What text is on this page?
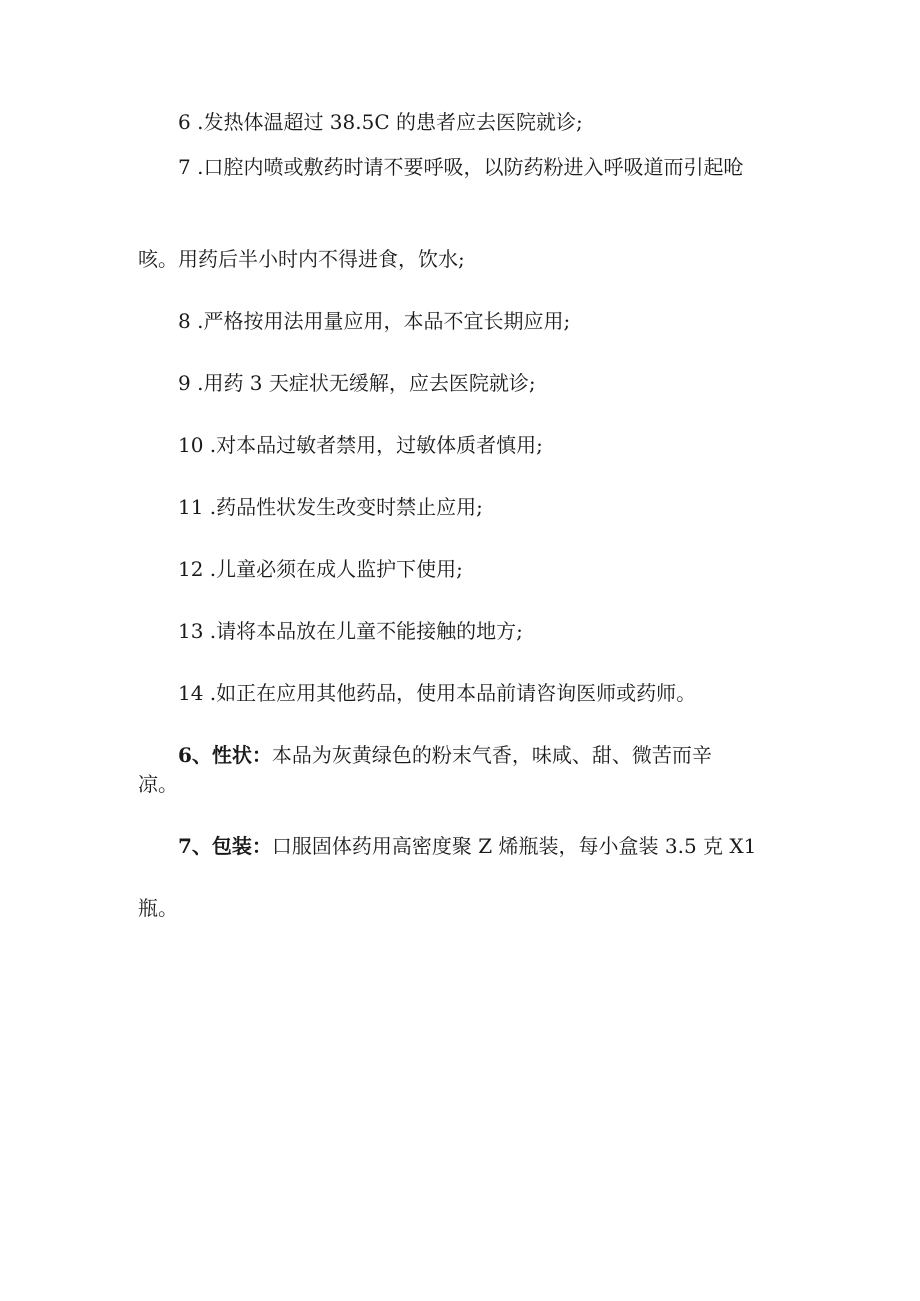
6 .发热体温超过 38.5C 的患者应去医院就诊;
7 .口腔内喷或敷药时请不要呼吸，以防药粉进入呼吸道而引起呛
咳。用药后半小时内不得进食，饮水;
8 .严格按用法用量应用，本品不宜长期应用;
9 .用药 3 天症状无缓解，应去医院就诊;
10 .对本品过敏者禁用，过敏体质者慎用;
11 .药品性状发生改变时禁止应用;
12 .儿童必须在成人监护下使用;
13 .请将本品放在儿童不能接触的地方;
14 .如正在应用其他药品，使用本品前请咨询医师或药师。
6、性状：本品为灰黄绿色的粉末气香，味咸、甜、微苦而辛
凉。
7、包装：口服固体药用高密度聚 Z 烯瓶装，每小盒装 3.5 克 X1
瓶。
